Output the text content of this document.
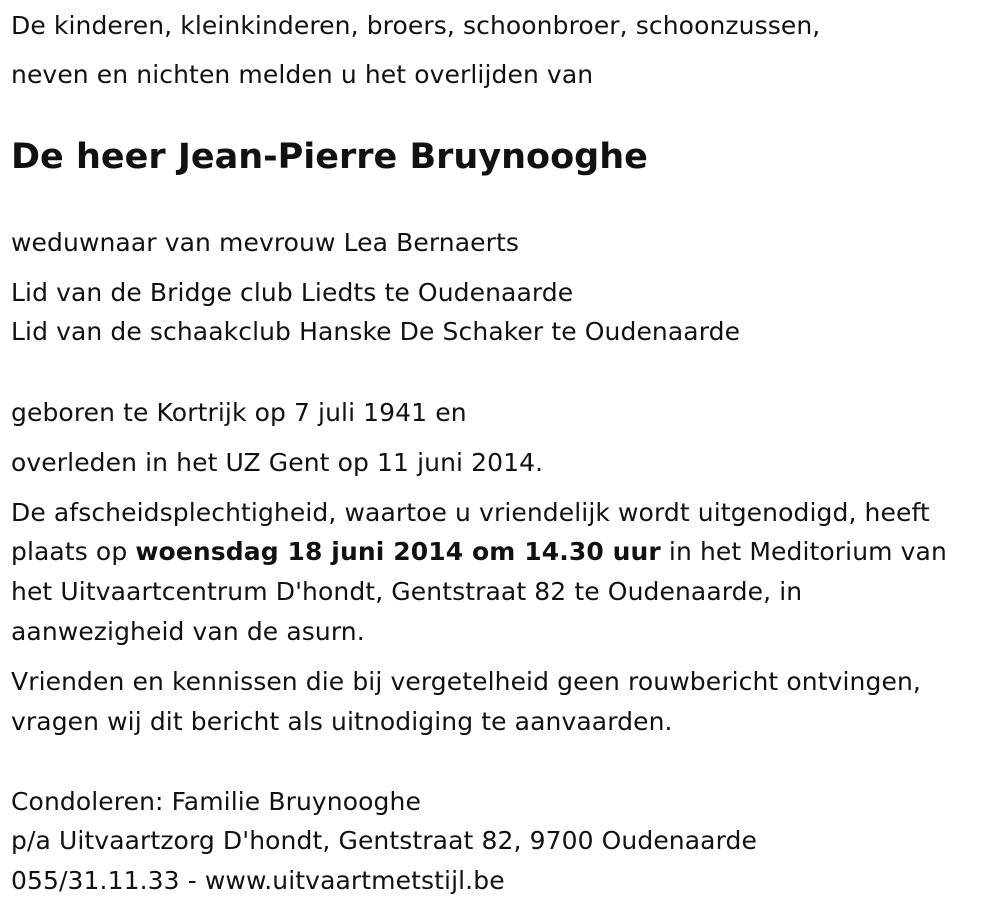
De kinderen, kleinkinderen, broers, schoonbroer, schoonzussen,
neven en nichten melden u het overlijden van
De heer Jean-Pierre Bruynooghe
weduwnaar van mevrouw Lea Bernaerts
Lid van de Bridge club Liedts te Oudenaarde
Lid van de schaakclub Hanske De Schaker te Oudenaarde
geboren te Kortrijk op 7 juli 1941 en
overleden in het UZ Gent op 11 juni 2014.
De afscheidsplechtigheid, waartoe u vriendelijk wordt uitgenodigd, heeft
plaats op woensdag 18 juni 2014 om 14.30 uur in het Meditorium van
het Uitvaartcentrum D'hondt, Gentstraat 82 te Oudenaarde, in
aanwezigheid van de asurn.
Vrienden en kennissen die bij vergetelheid geen rouwbericht ontvingen,
vragen wij dit bericht als uitnodiging te aanvaarden.
Condoleren: Familie Bruynooghe
p/a Uitvaartzorg D'hondt, Gentstraat 82, 9700 Oudenaarde
055/31.11.33 - www.uitvaartmetstijl.be
